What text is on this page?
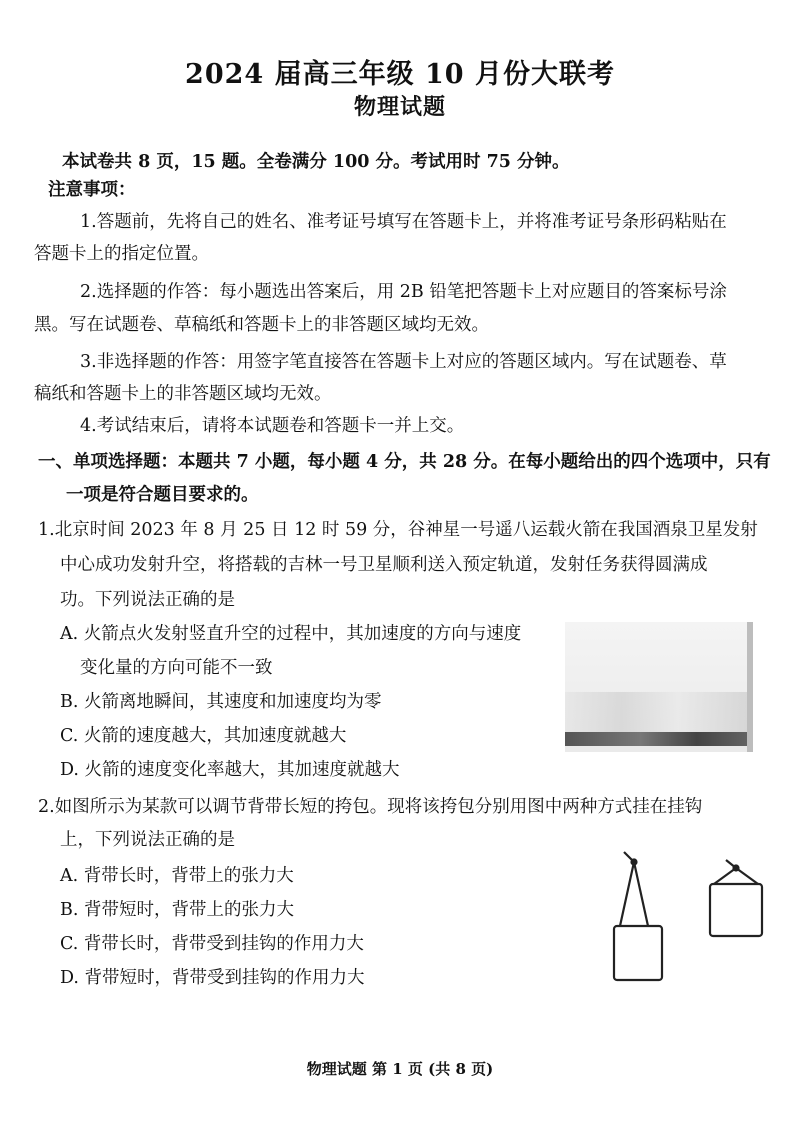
2024 届高三年级 10 月份大联考
物理试题
本试卷共 8 页，15 题。全卷满分 100 分。考试用时 75 分钟。
注意事项：
1.答题前，先将自己的姓名、准考证号填写在答题卡上，并将准考证号条形码粘贴在
答题卡上的指定位置。
2.选择题的作答：每小题选出答案后，用 2B 铅笔把答题卡上对应题目的答案标号涂
黑。写在试题卷、草稿纸和答题卡上的非答题区域均无效。
3.非选择题的作答：用签字笔直接答在答题卡上对应的答题区域内。写在试题卷、草
稿纸和答题卡上的非答题区域均无效。
4.考试结束后，请将本试题卷和答题卡一并上交。
一、单项选择题：本题共 7 小题，每小题 4 分，共 28 分。在每小题给出的四个选项中，只有
一项是符合题目要求的。
1.北京时间 2023 年 8 月 25 日 12 时 59 分，谷神星一号遥八运载火箭在我国酒泉卫星发射
中心成功发射升空，将搭载的吉林一号卫星顺利送入预定轨道，发射任务获得圆满成
功。下列说法正确的是
A. 火箭点火发射竖直升空的过程中，其加速度的方向与速度
变化量的方向可能不一致
B. 火箭离地瞬间，其速度和加速度均为零
C. 火箭的速度越大，其加速度就越大
D. 火箭的速度变化率越大，其加速度就越大
2.如图所示为某款可以调节背带长短的挎包。现将该挎包分别用图中两种方式挂在挂钩
上，下列说法正确的是
A. 背带长时，背带上的张力大
B. 背带短时，背带上的张力大
C. 背带长时，背带受到挂钩的作用力大
D. 背带短时，背带受到挂钩的作用力大
物理试题 第 1 页 (共 8 页)
